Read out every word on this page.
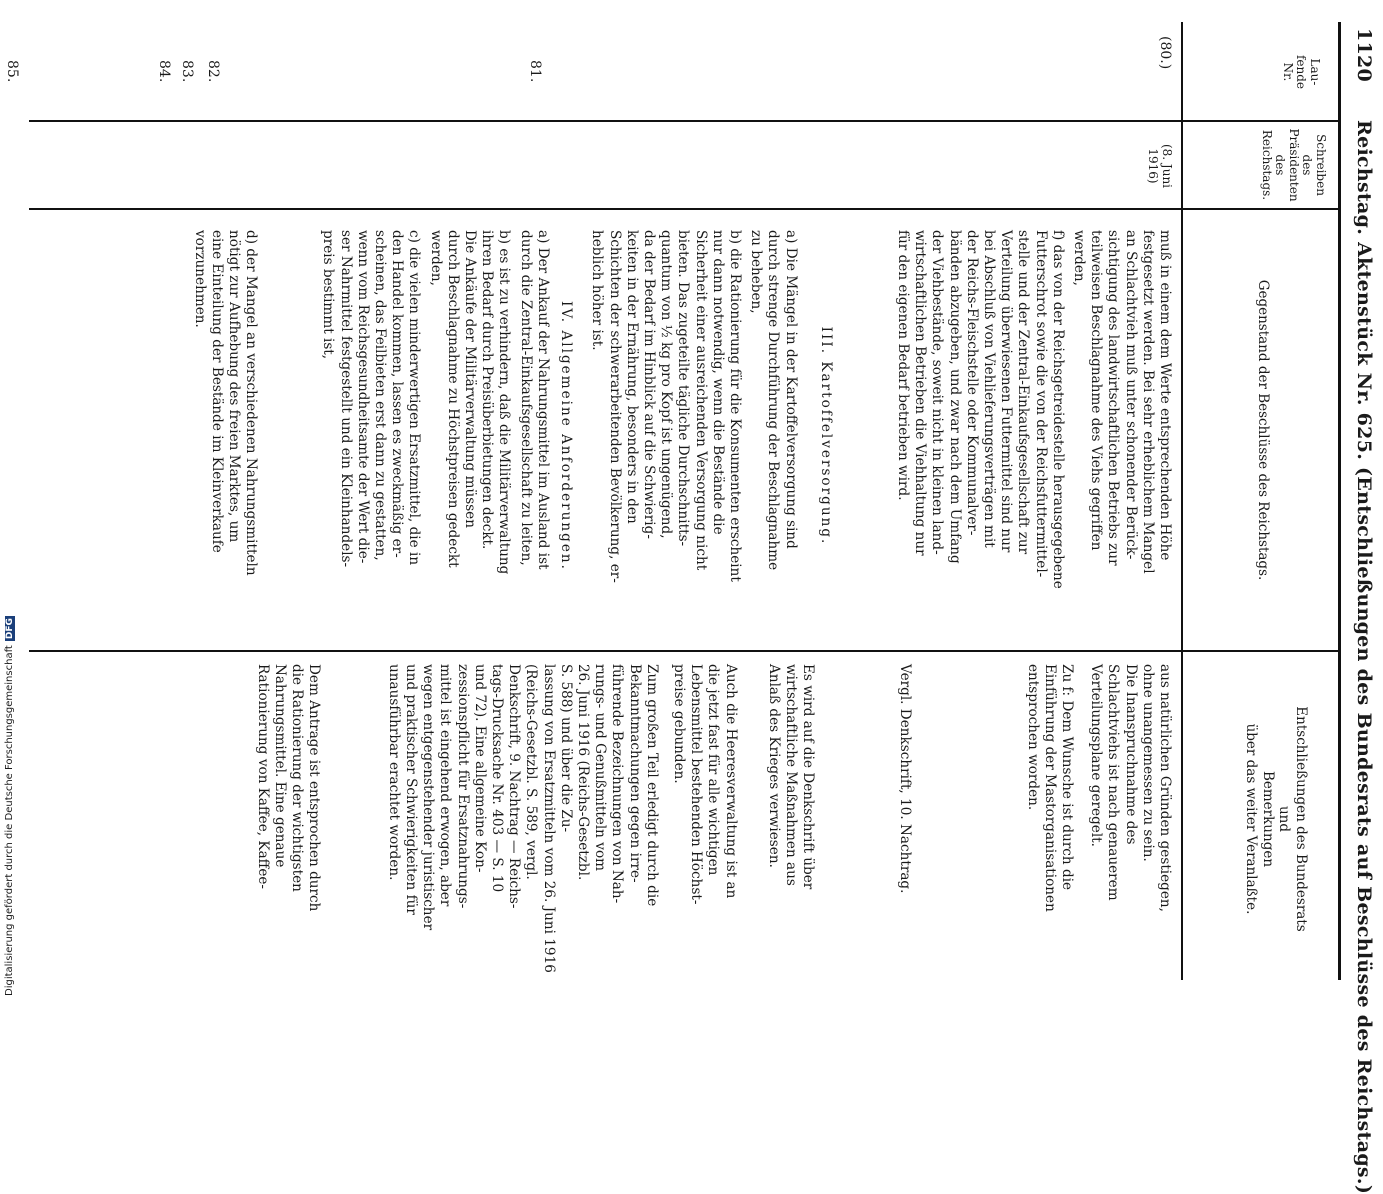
1120
Reichstag. Aktenstück Nr. 625. (Entschließungen des Bundesrats auf Beschlüsse des Reichstags.)
Lau-
fende
Nr.
Schreiben
des
Präsidenten
des
Reichstags.
Gegenstand der Beschlüsse des Reichstags.
Entschließungen des Bundesrats
und
Bemerkungen
über das weiter Veranlaßte.
(80.)
(8. Juni
1916)
81.
82.
83.
84.
85.
muß in einem dem Werte entsprechenden Höhe
festgesetzt werden. Bei sehr erheblichem Mangel
an Schlachtvieh muß unter schonender Berück-
sichtigung des landwirtschaftlichen Betriebs zur
teilweisen Beschlagnahme des Viehs gegriffen
werden,
f) das von der Reichsgetreidestelle herausgegebene
Futterschrot sowie die von der Reichsfuttermittel-
stelle und der Zentral-Einkaufsgesellschaft zur
Verteilung überwiesenen Futtermittel sind nur
bei Abschluß von Viehlieferungsverträgen mit
der Reichs-Fleischstelle oder Kommunalver-
bänden abzugeben, und zwar nach dem Umfang
der Viehbestände, soweit nicht in kleinen land-
wirtschaftlichen Betrieben die Viehhaltung nur
für den eigenen Bedarf betrieben wird.
III. Kartoffelversorgung.
a) Die Mängel in der Kartoffelversorgung sind
durch strenge Durchführung der Beschlagnahme
zu beheben,
b) die Rationierung für die Konsumenten erscheint
nur dann notwendig, wenn die Bestände die
Sicherheit einer ausreichenden Versorgung nicht
bieten. Das zugeteilte tägliche Durchschnitts-
quantum von ½ kg pro Kopf ist ungenügend,
da der Bedarf im Hinblick auf die Schwierig-
keiten in der Ernährung, besonders in den
Schichten der schwerarbeitenden Bevölkerung, er-
heblich höher ist.
IV. Allgemeine Anforderungen.
a) Der Ankauf der Nahrungsmittel im Ausland ist
durch die Zentral-Einkaufsgesellschaft zu leiten,
b) es ist zu verhindern, daß die Militärverwaltung
ihren Bedarf durch Preisüberbietungen deckt.
Die Ankäufe der Militärverwaltung müssen
durch Beschlagnahme zu Höchstpreisen gedeckt
werden,
c) die vielen minderwertigen Ersatzmittel, die in
den Handel kommen, lassen es zweckmäßig er-
scheinen, das Feilbieten erst dann zu gestatten,
wenn vom Reichsgesundheitsamte der Wert die-
ser Nahrmittel festgestellt und ein Kleinhandels-
preis bestimmt ist,
d) der Mangel an verschiedenen Nahrungsmitteln
nötigt zur Aufhebung des freien Marktes, um
eine Einteilung der Bestände im Kleinverkaufe
vorzunehmen.
aus natürlichen Gründen gestiegen,
ohne unangemessen zu sein.
Die Inanspruchnahme des
Schlachtviehs ist nach genauerem
Verteilungsplane geregelt.
Zu f: Dem Wunsche ist durch die
Einführung der Mastorganisationen
entsprochen worden.
Vergl. Denkschrift, 10. Nachtrag.
Es wird auf die Denkschrift über
wirtschaftliche Maßnahmen aus
Anlaß des Krieges verwiesen.
Auch die Heeresverwaltung ist an
die jetzt fast für alle wichtigen
Lebensmittel bestehenden Höchst-
preise gebunden.
Zum großen Teil erledigt durch die
Bekanntmachungen gegen irre-
führende Bezeichnungen von Nah-
rungs- und Genußmitteln vom
26. Juni 1916 (Reichs-Gesetzbl.
S. 588) und über die Zu-
lassung von Ersatzmitteln vom 26. Juni 1916
(Reichs-Gesetzbl. S. 589, vergl.
Denkschrift, 9. Nachtrag — Reichs-
tags-Drucksache Nr. 403 — S. 10
und 72). Eine allgemeine Kon-
zessionspflicht für Ersatznahrungs-
mittel ist eingehend erwogen, aber
wegen entgegenstehender juristischer
und praktischer Schwierigkeiten für
unausführbar erachtet worden.
Dem Antrage ist entsprochen durch
die Rationierung der wichtigsten
Nahrungsmittel. Eine genaue
Rationierung von Kaffee, Kaffee-
Digitalisierung gefördert durch die Deutsche ForschungsgemeinschaftDFG
